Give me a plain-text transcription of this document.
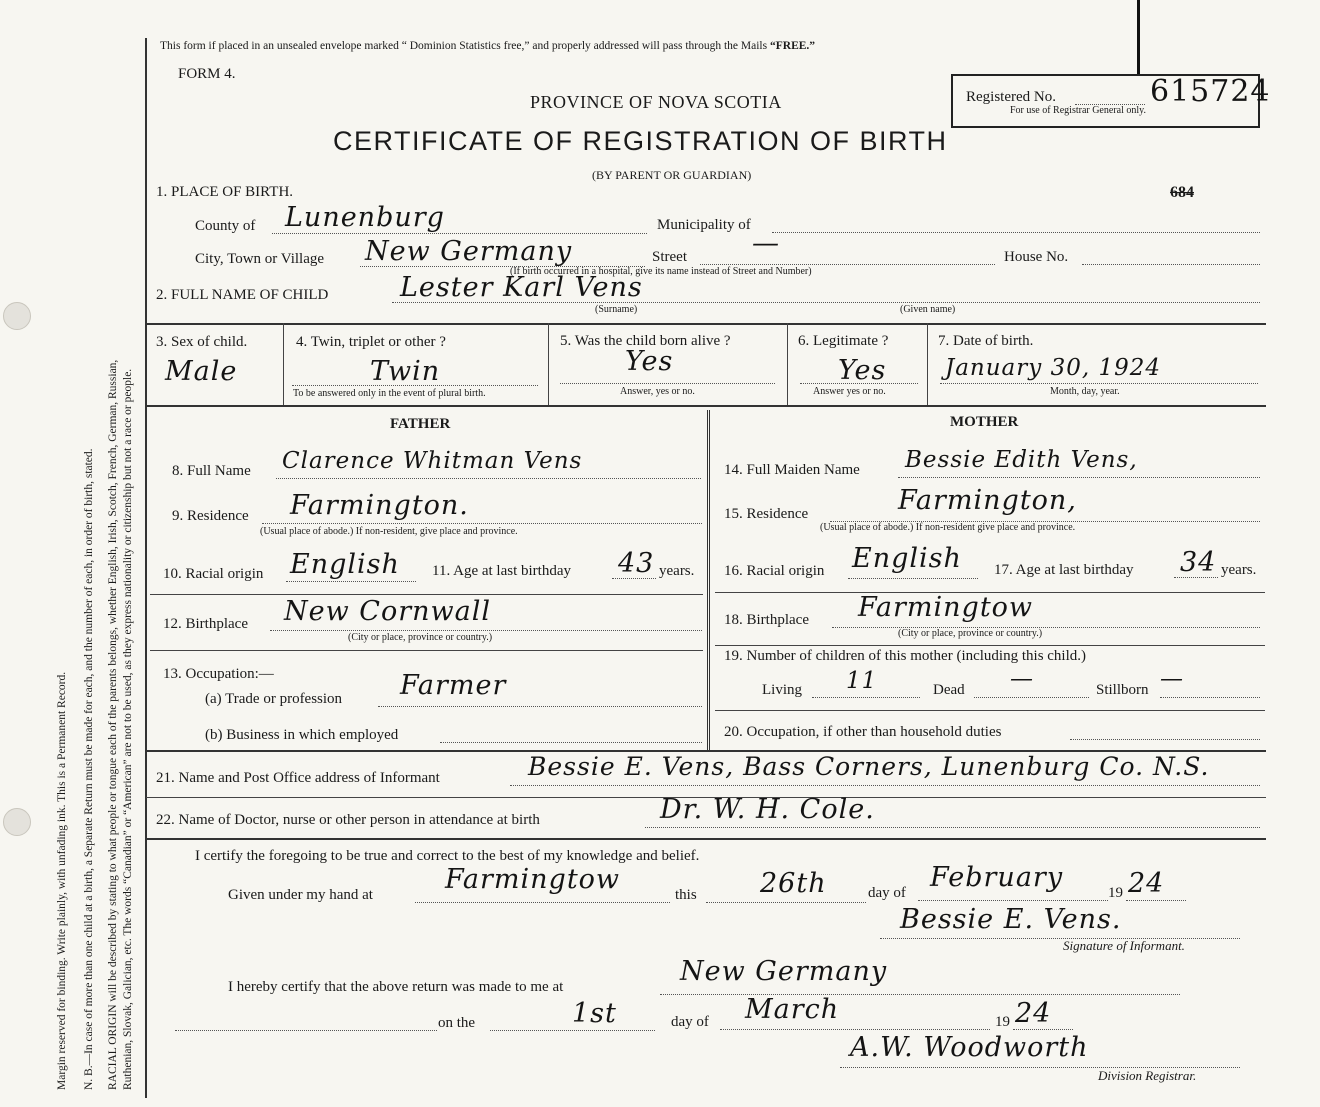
Margin reserved for binding. Write plainly, with unfading ink. This is a Permanent Record. N. B.—In case of more than one child at a birth, a Separate Return must be made for each, and the number of each, in order of birth, stated. RACIAL ORIGIN will be described by stating to what people or tongue each of the parents belongs, whether English, Irish, Scotch, French, German, Russian, Ruthenian, Slovak, Galician, etc. The words “Canadian” or “American” are not to be used, as they express nationality or citizenship but not a race or people.
This form if placed in an unsealed envelope marked “ Dominion Statistics free,” and properly addressed will pass through the Mails “FREE.”
FORM 4.
PROVINCE OF NOVA SCOTIA
CERTIFICATE OF REGISTRATION OF BIRTH
(BY PARENT OR GUARDIAN)
Registered No.	615724
For use of Registrar General only.
684
1. PLACE OF BIRTH.
County of Lunenburg	Municipality of
City, Town or Village New Germany	Street —	House No.
(If birth occurred in a hospital, give its name instead of Street and Number)
2. FULL NAME OF CHILD	Lester Karl Vens
(Surname)	(Given name)
3. Sex of child.
Male
4. Twin, triplet or other ?
Twin
To be answered only in the event of plural birth.
5. Was the child born alive ?
Yes
Answer, yes or no.
6. Legitimate ?
Yes
Answer yes or no.
7. Date of birth.
January 30, 1924
Month, day, year.
FATHER	MOTHER
8. Full Name Clarence Whitman Vens
9. Residence Farmington.
(Usual place of abode.) If non-resident, give place and province.
10. Racial origin English 11. Age at last birthday 43 years.
12. Birthplace New Cornwall
(City or place, province or country.)
13. Occupation:—
(a) Trade or profession Farmer
(b) Business in which employed
14. Full Maiden Name Bessie Edith Vens,
15. Residence	Farmington,
(Usual place of abode.) If non-resident give place and province.
16. Racial origin English 17. Age at last birthday 34 years.
18. Birthplace Farmingtow
(City or place, province or country.)
19. Number of children of this mother (including this child.)
Living 11	Dead —	Stillborn —
20. Occupation, if other than household duties
21. Name and Post Office address of Informant	Bessie E. Vens, Bass Corners, Lunenburg Co. N.S.
22. Name of Doctor, nurse or other person in attendance at birth	Dr. W. H. Cole.
I certify the foregoing to be true and correct to the best of my knowledge and belief.
Given under my hand at	Farmingtow	this 26th	day of February	19 24
Bessie E. Vens.
Signature of Informant.
I hereby certify that the above return was made to me at	New Germany
on the	1st	day of March	19 24
A.W. Woodworth
Division Registrar.
